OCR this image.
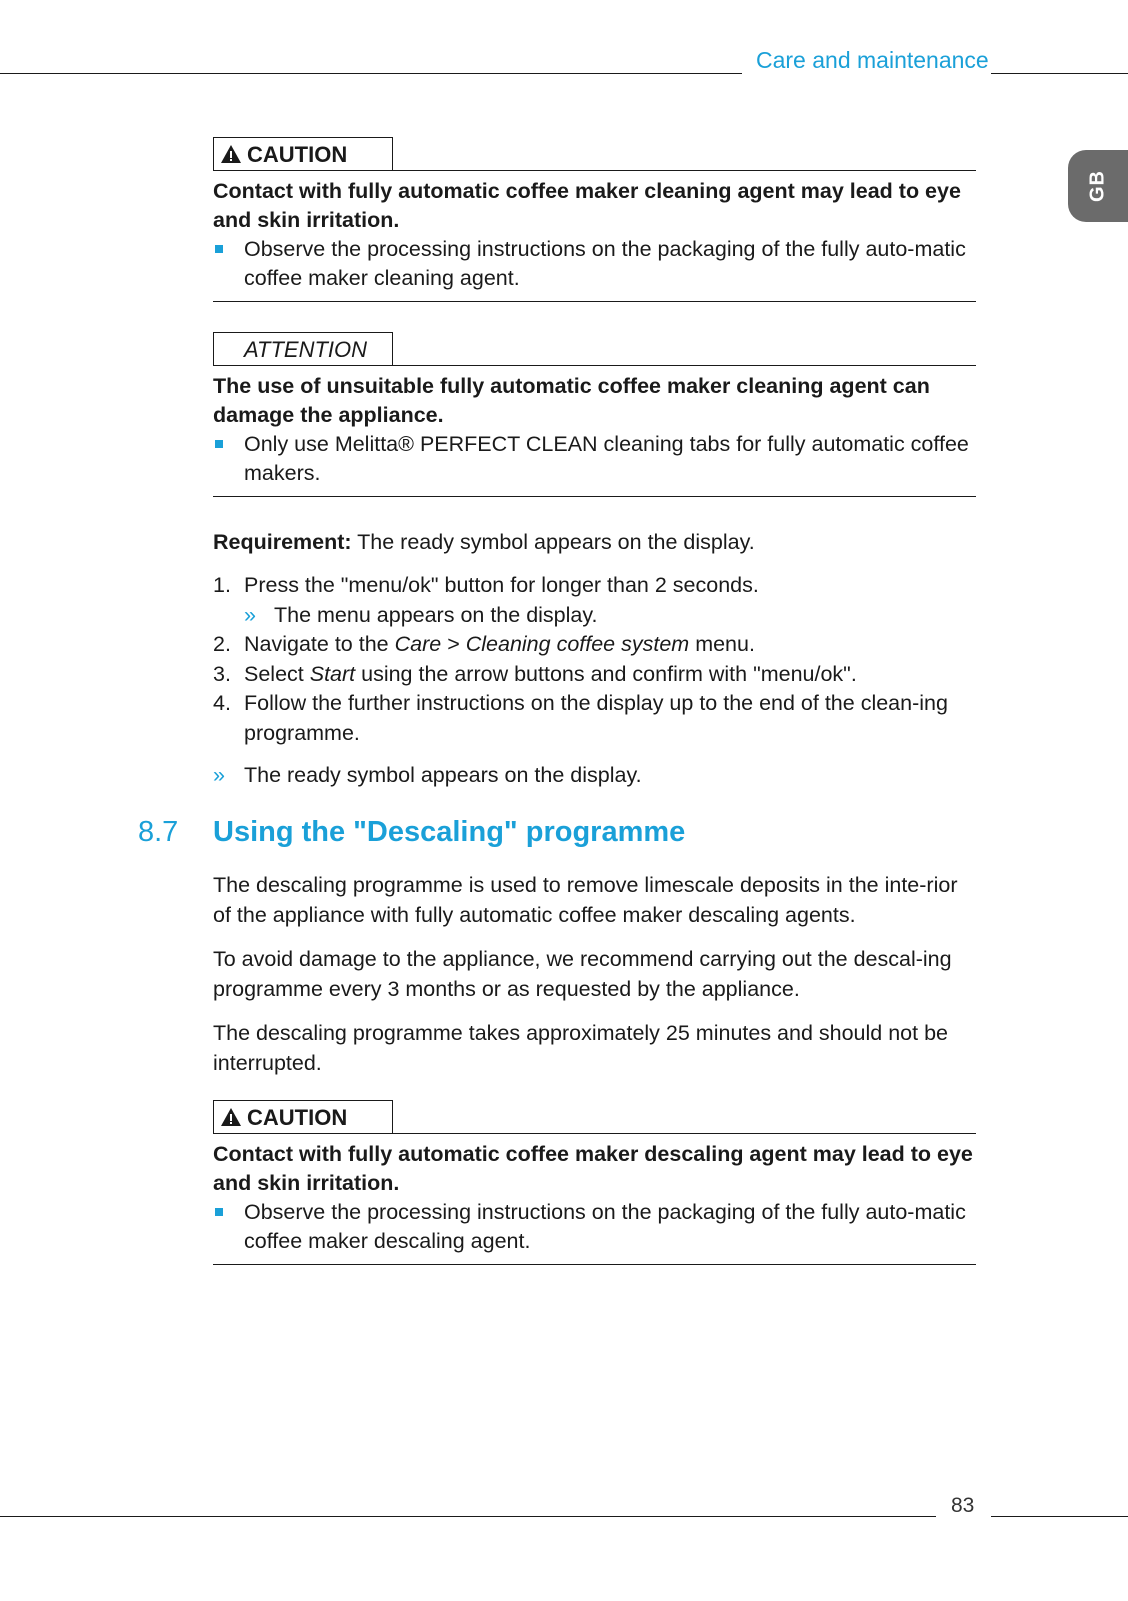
Care and maintenance
GB
CAUTION
Contact with fully automatic coffee maker cleaning agent may lead to eye and skin irritation.
Observe the processing instructions on the packaging of the fully auto-matic coffee maker cleaning agent.
ATTENTION
The use of unsuitable fully automatic coffee maker cleaning agent can damage the appliance.
Only use Melitta® PERFECT CLEAN cleaning tabs for fully automatic coffee makers.

Requirement: The ready symbol appears on the display.

1. Press the "menu/ok" button for longer than 2 seconds.
» The menu appears on the display.
2. Navigate to the Care > Cleaning coffee system menu.
3. Select Start using the arrow buttons and confirm with "menu/ok".
4. Follow the further instructions on the display up to the end of the clean-ing programme.
» The ready symbol appears on the display.
8.7 Using the "Descaling" programme

The descaling programme is used to remove limescale deposits in the inte-rior of the appliance with fully automatic coffee maker descaling agents.

To avoid damage to the appliance, we recommend carrying out the descal-ing programme every 3 months or as requested by the appliance.

The descaling programme takes approximately 25 minutes and should not be interrupted.

CAUTION
Contact with fully automatic coffee maker descaling agent may lead to eye and skin irritation.
Observe the processing instructions on the packaging of the fully auto-matic coffee maker descaling agent.
83
